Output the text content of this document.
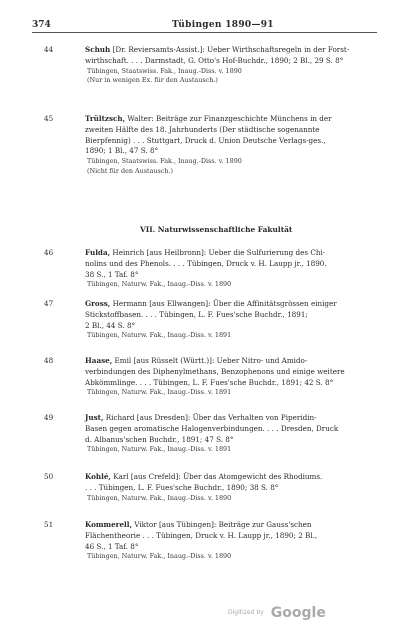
374	Tübingen 1890—91
44	Schuh [Dr. Reviersamts-Assist.]: Ueber Wirthschaftsregeln in der Forst-

wirthschaft. . . . Darmstadt, G. Otto's Hof-Buchdr., 1890; 2 Bl., 29 S. 8°

Tübingen, Staatswiss. Fak., Inaug.-Diss. v. 1890

(Nur in wenigen Ex. für den Austausch.)

45	Trültzsch, Walter: Beiträge zur Finanzgeschichte Münchens in der

zweiten Hälfte des 18. Jahrhunderts (Der städtische sogenannte

Bierpfennig) . . . Stuttgart, Druck d. Union Deutsche Verlags-ges.,

1890; 1 Bl., 47 S. 8°

Tübingen, Staatswiss. Fak., Inaug.-Diss. v. 1890

(Nicht für den Austausch.)

VII. Naturwissenschaftliche Fakultät
46	Fulda, Heinrich [aus Heilbronn]: Ueber die Sulfurierung des Chi-

nolins und des Phenols. . . . Tübingen, Druck v. H. Laupp jr., 1890.

38 S., 1 Taf. 8°

Tübingen, Naturw. Fak., Inaug.-Diss. v. 1890

47	Gross, Hermann [aus Ellwangen]: Über die Affinitätsgrössen einiger

Stickstoffbasen. . . . Tübingen, L. F. Fues'sche Buchdr., 1891;

2 Bl., 44 S. 8°

Tübingen, Naturw. Fak., Inaug.-Diss. v. 1891

48	Haase, Emil [aus Rüsselt (Württ.)]: Ueber Nitro- und Amido-

verbindungen des Diphenylmethans, Benzophenons und einige weitere

Abkömmlinge. . . . Tübingen, L. F. Fues'sche Buchdr., 1891; 42 S. 8°

Tübingen, Naturw. Fak., Inaug.-Diss. v. 1891

49	Just, Richard [aus Dresden]: Über das Verhalten von Piperidin-

Basen gegen aromatische Halogenverbindungen. . . . Dresden, Druck

d. Albanus'schen Buchdr., 1891; 47 S. 8°

Tübingen, Naturw. Fak., Inaug.-Diss. v. 1891

50	Kohlé, Karl [aus Crefeld]: Über das Atomgewicht des Rhodiums.

. . . Tübingen, L. F. Fues'sche Buchdr., 1890; 38 S. 8°

Tübingen, Naturw. Fak., Inaug.-Diss. v. 1890

51	Kommerell, Viktor [aus Tübingen]: Beiträge zur Gauss'schen

Flächentheorie . . . Tübingen, Druck v. H. Laupp jr., 1890; 2 Bl.,

46 S., 1 Taf. 8°

Tübingen, Naturw. Fak., Inaug.-Diss. v. 1890

Digitized by Google
